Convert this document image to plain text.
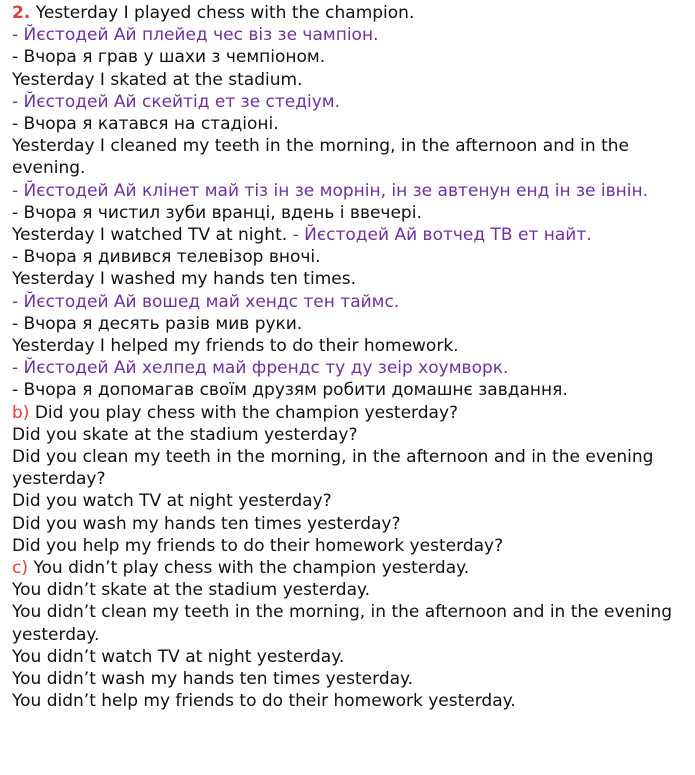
2. Yesterday I played chess with the champion.
- Йєстодей Ай плейед чес віз зе чампіон.
- Вчора я грав у шахи з чемпіоном.
Yesterday I skated at the stadium.
- Йєстодей Ай скейтід ет зе стедіум.
- Вчора я катався на стадіоні.
Yesterday I cleaned my teeth in the morning, in the afternoon and in the evening.
- Йєстодей Ай клінет май тіз ін зе морнін, ін зе автенун енд ін зе івнін.
- Вчора я чистил зуби вранці, вдень і ввечері.
Yesterday I watched TV at night. - Йєстодей Ай вотчед ТВ ет найт.
- Вчора я дивився телевізор вночі.
Yesterday I washed my hands ten times.
- Йєстодей Ай вошед май хендс тен таймс.
- Вчора я десять разів мив руки.
Yesterday I helped my friends to do their homework.
- Йєстодей Ай хелпед май френдс ту ду зеір хоумворк.
- Вчора я допомагав своїм друзям робити домашнє завдання.
b) Did you play chess with the champion yesterday?
Did you skate at the stadium yesterday?
Did you clean my teeth in the morning, in the afternoon and in the evening yesterday?
Did you watch TV at night yesterday?
Did you wash my hands ten times yesterday?
Did you help my friends to do their homework yesterday?
c) You didn’t play chess with the champion yesterday.
You didn’t skate at the stadium yesterday.
You didn’t clean my teeth in the morning, in the afternoon and in the evening yesterday.
You didn’t watch TV at night yesterday.
You didn’t wash my hands ten times yesterday.
You didn’t help my friends to do their homework yesterday.
